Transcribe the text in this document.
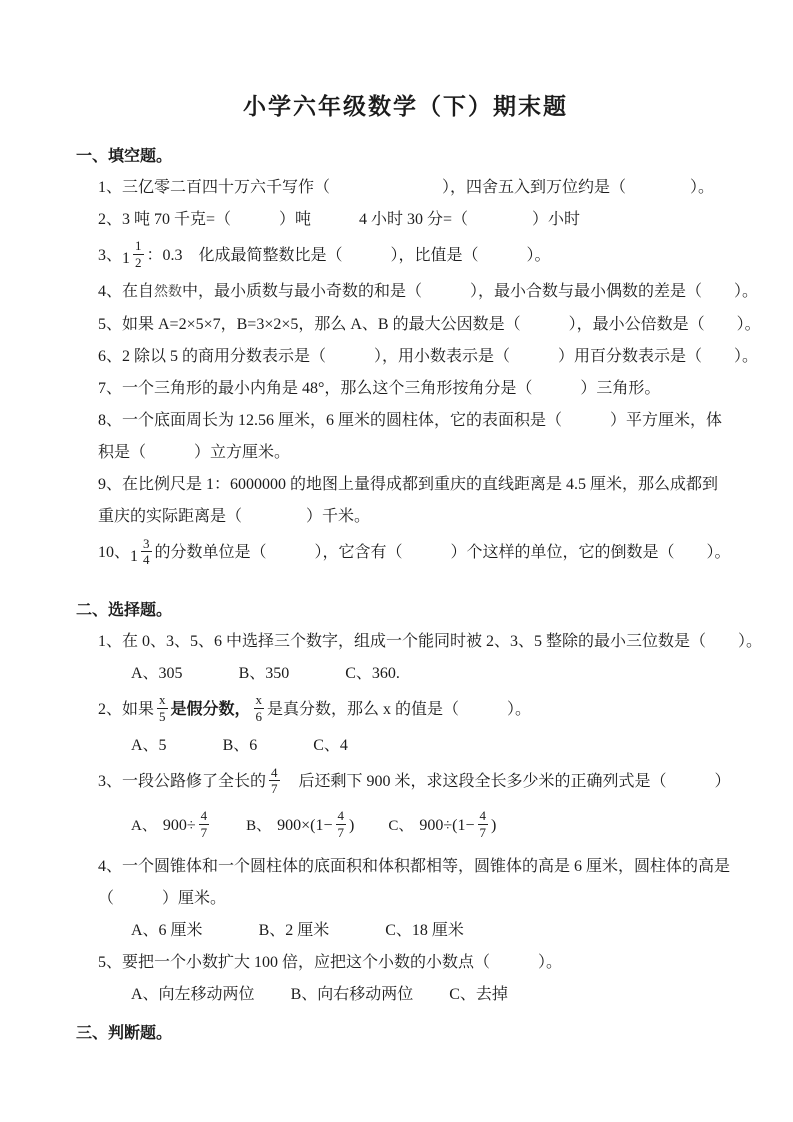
小学六年级数学（下）期末题

一、填空题。

1、三亿零二百四十万六千写作（　　　　　　　），四舍五入到万位约是（　　　　）。

2、3 吨 70 千克=（　　　）吨　　　4 小时 30 分=（　　　　）小时

3、$1 \frac{1}{2}$ ：0.3　化成最简整数比是（　　　），比值是（　　　）。

4、在自然数中，最小质数与最小奇数的和是（　　　），最小合数与最小偶数的差是（　　）。

5、如果 A=2×5×7，B=3×2×5，那么 A、B 的最大公因数是（　　　），最小公倍数是（　　）。

6、2 除以 5 的商用分数表示是（　　　），用小数表示是（　　　）用百分数表示是（　　）。

7、一个三角形的最小内角是 48°，那么这个三角形按角分是（　　　）三角形。

8、一个底面周长为 12.56 厘米，6 厘米的圆柱体，它的表面积是（　　　）平方厘米，体

积是（　　　）立方厘米。

9、在比例尺是 1：6000000 的地图上量得成都到重庆的直线距离是 4.5 厘米，那么成都到

重庆的实际距离是（　　　　）千米。

10、$1 \frac{3}{4}$ 的分数单位是（　　　），它含有（　　　）个这样的单位，它的倒数是（　　）。

二、选择题。

1、在 0、3、5、6 中选择三个数字，组成一个能同时被 2、3、5 整除的最小三位数是（　　）。

A、305	B、350	C、360.

2、如果 $\frac{x}{5}$ 是假分数， $\frac{x}{6}$ 是真分数，那么 x 的值是（　　　）。

A、5	B、6	C、4

3、一段公路修了全长的 $\frac{4}{7}$ 　后还剩下 900 米，求这段全长多少米的正确列式是（　　　）

A、 $900\div \frac{4}{7}$ B、 $900\times(1- \frac{4}{7}$ ) C、 $900\div(1- \frac{4}{7}$ )

4、一个圆锥体和一个圆柱体的底面积和体积都相等，圆锥体的高是 6 厘米，圆柱体的高是

（　　　）厘米。

A、6 厘米	B、2 厘米	C、18 厘米

5、要把一个小数扩大 100 倍，应把这个小数的小数点（　　　）。

A、向左移动两位 B、向右移动两位 C、去掉

三、判断题。
